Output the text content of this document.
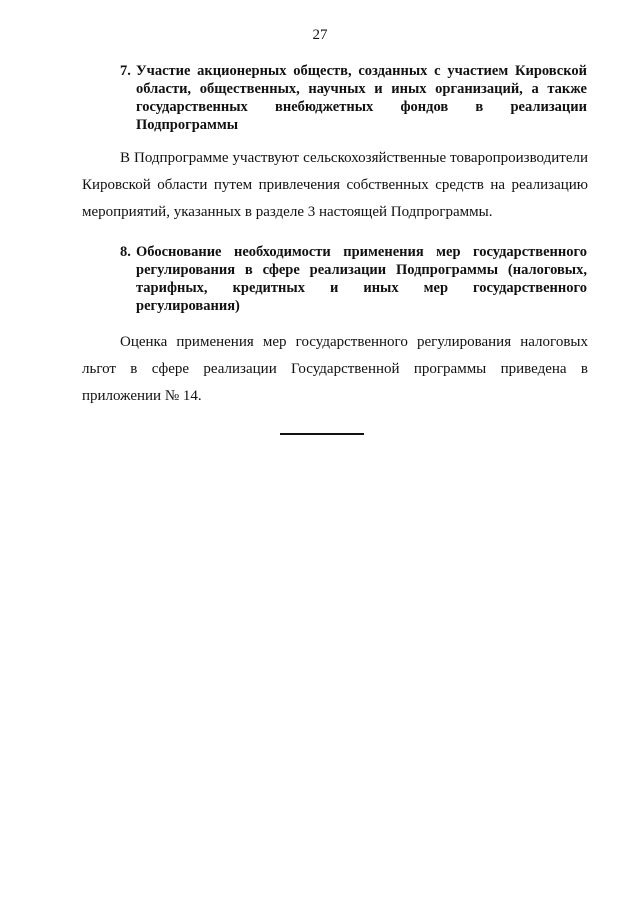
27
7. Участие акционерных обществ, созданных с участием Кировской области, общественных, научных и иных организаций, а также государственных внебюджетных фондов в реализации Подпрограммы

В Подпрограмме участвуют сельскохозяйственные товаропроизводители Кировской области путем привлечения собственных средств на реализацию мероприятий, указанных в разделе 3 настоящей Подпрограммы.

8. Обоснование необходимости применения мер государственного регулирования в сфере реализации Подпрограммы (налоговых, тарифных, кредитных и иных мер государственного регулирования)

Оценка применения мер государственного регулирования налоговых льгот в сфере реализации Государственной программы приведена в приложении № 14.
